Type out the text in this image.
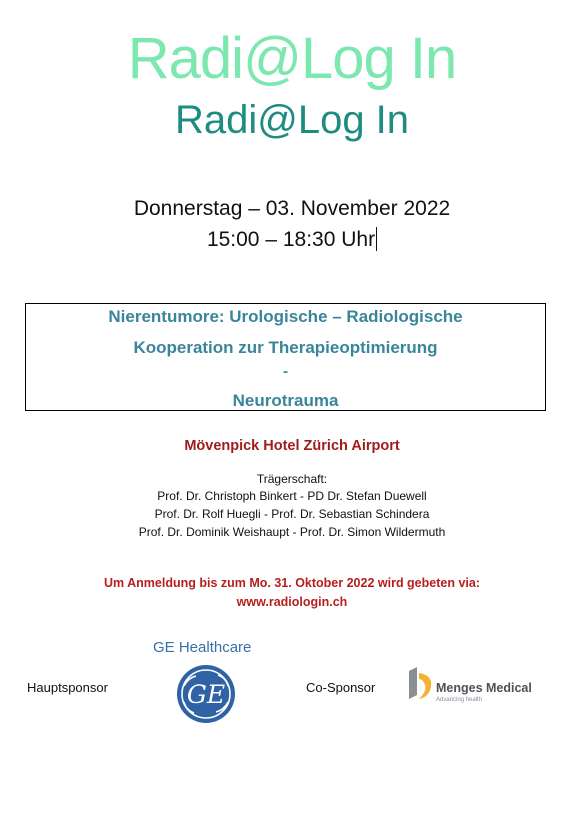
Radi@Log In
Radi@Log In
Donnerstag – 03. November 2022
15:00 – 18:30 Uhr
Nierentumore: Urologische – Radiologische
Kooperation zur Therapieoptimierung
-
Neurotrauma
Mövenpick Hotel Zürich Airport
Trägerschaft:
Prof. Dr. Christoph Binkert - PD Dr. Stefan Duewell
Prof. Dr. Rolf Huegli - Prof. Dr. Sebastian Schindera
Prof. Dr. Dominik Weishaupt - Prof. Dr. Simon Wildermuth
Um Anmeldung bis zum Mo. 31. Oktober 2022 wird gebeten via:
www.radiologin.ch
Hauptsponsor
GE Healthcare
GE	Co-Sponsor	Menges Medical
Advancing health
